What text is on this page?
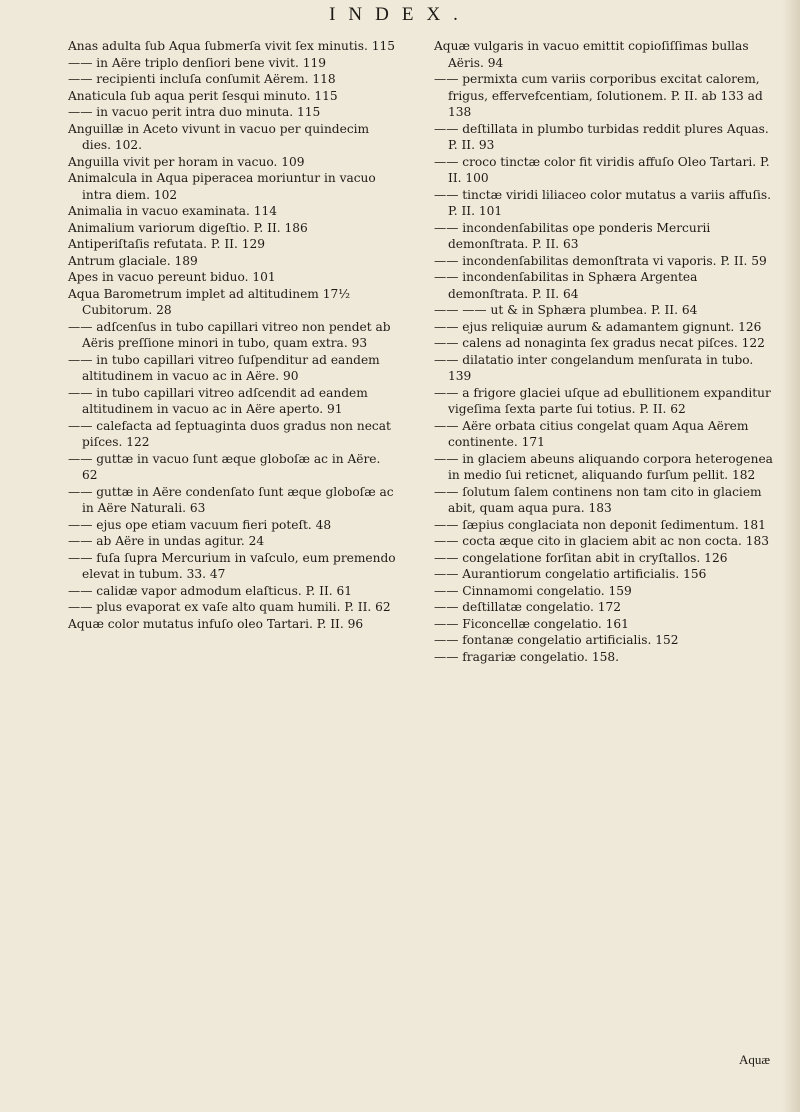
INDEX.

Anas adulta ſub Aqua ſubmerſa vivit ſex minutis. 115

—— in Aëre triplo denſiori bene vivit. 119

—— recipienti incluſa conſumit Aërem. 118

Anaticula ſub aqua perit ſesqui minuto. 115

—— in vacuo perit intra duo minuta. 115

Anguillæ in Aceto vivunt in vacuo per quindecim dies. 102.

Anguilla vivit per horam in vacuo. 109

Animalcula in Aqua piperacea moriuntur in vacuo intra diem. 102

Animalia in vacuo examinata. 114

Animalium variorum digeſtio. P. II. 186

Antiperiſtaſis refutata. P. II. 129

Antrum glaciale. 189

Apes in vacuo pereunt biduo. 101

Aqua Barometrum implet ad altitudinem 17½ Cubitorum. 28

—— adſcenſus in tubo capillari vitreo non pendet ab Aëris preſſione minori in tubo, quam extra. 93

—— in tubo capillari vitreo ſuſpenditur ad eandem altitudinem in vacuo ac in Aëre. 90

—— in tubo capillari vitreo adſcendit ad eandem altitudinem in vacuo ac in Aëre aperto. 91

—— calefacta ad ſeptuaginta duos gradus non necat piſces. 122

—— guttæ in vacuo ſunt æque globoſæ ac in Aëre. 62

—— guttæ in Aëre condenſato ſunt æque globoſæ ac in Aëre Naturali. 63

—— ejus ope etiam vacuum fieri poteſt. 48

—— ab Aëre in undas agitur. 24

—— fuſa ſupra Mercurium in vaſculo, eum premendo elevat in tubum. 33. 47

—— calidæ vapor admodum elaſticus. P. II. 61

—— plus evaporat ex vaſe alto quam humili. P. II. 62

Aquæ color mutatus infuſo oleo Tartari. P. II. 96

Aquæ vulgaris in vacuo emittit copioſiſſimas bullas Aëris. 94

—— permixta cum variis corporibus excitat calorem, frigus, effervefcentiam, ſolutionem. P. II. ab 133 ad 138

—— deſtillata in plumbo turbidas reddit plures Aquas. P. II. 93

—— croco tinctæ color fit viridis affuſo Oleo Tartari. P. II. 100

—— tinctæ viridi liliaceo color mutatus a variis affuſis. P. II. 101

—— incondenſabilitas ope ponderis Mercurii demonſtrata. P. II. 63

—— incondenſabilitas demonſtrata vi vaporis. P. II. 59

—— incondenſabilitas in Sphæra Argentea demonſtrata. P. II. 64

—— —— ut & in Sphæra plumbea. P. II. 64

—— ejus reliquiæ aurum & adamantem gignunt. 126

—— calens ad nonaginta ſex gradus necat piſces. 122

—— dilatatio inter congelandum menſurata in tubo. 139

—— a frigore glaciei uſque ad ebullitionem expanditur vigeſima ſexta parte ſui totius. P. II. 62

—— Aëre orbata citius congelat quam Aqua Aërem continente. 171

—— in glaciem abeuns aliquando corpora heterogenea in medio ſui reticnet, aliquando furſum pellit. 182

—— ſolutum ſalem continens non tam cito in glaciem abit, quam aqua pura. 183

—— ſæpius conglaciata non deponit ſedimentum. 181

—— cocta æque cito in glaciem abit ac non cocta. 183

—— congelatione forſitan abit in cryſtallos. 126

—— Aurantiorum congelatio artificialis. 156

—— Cinnamomi congelatio. 159

—— deſtillatæ congelatio. 172

—— Ficoncellæ congelatio. 161

—— fontanæ congelatio artificialis. 152

—— fragariæ congelatio. 158.

Aquæ
